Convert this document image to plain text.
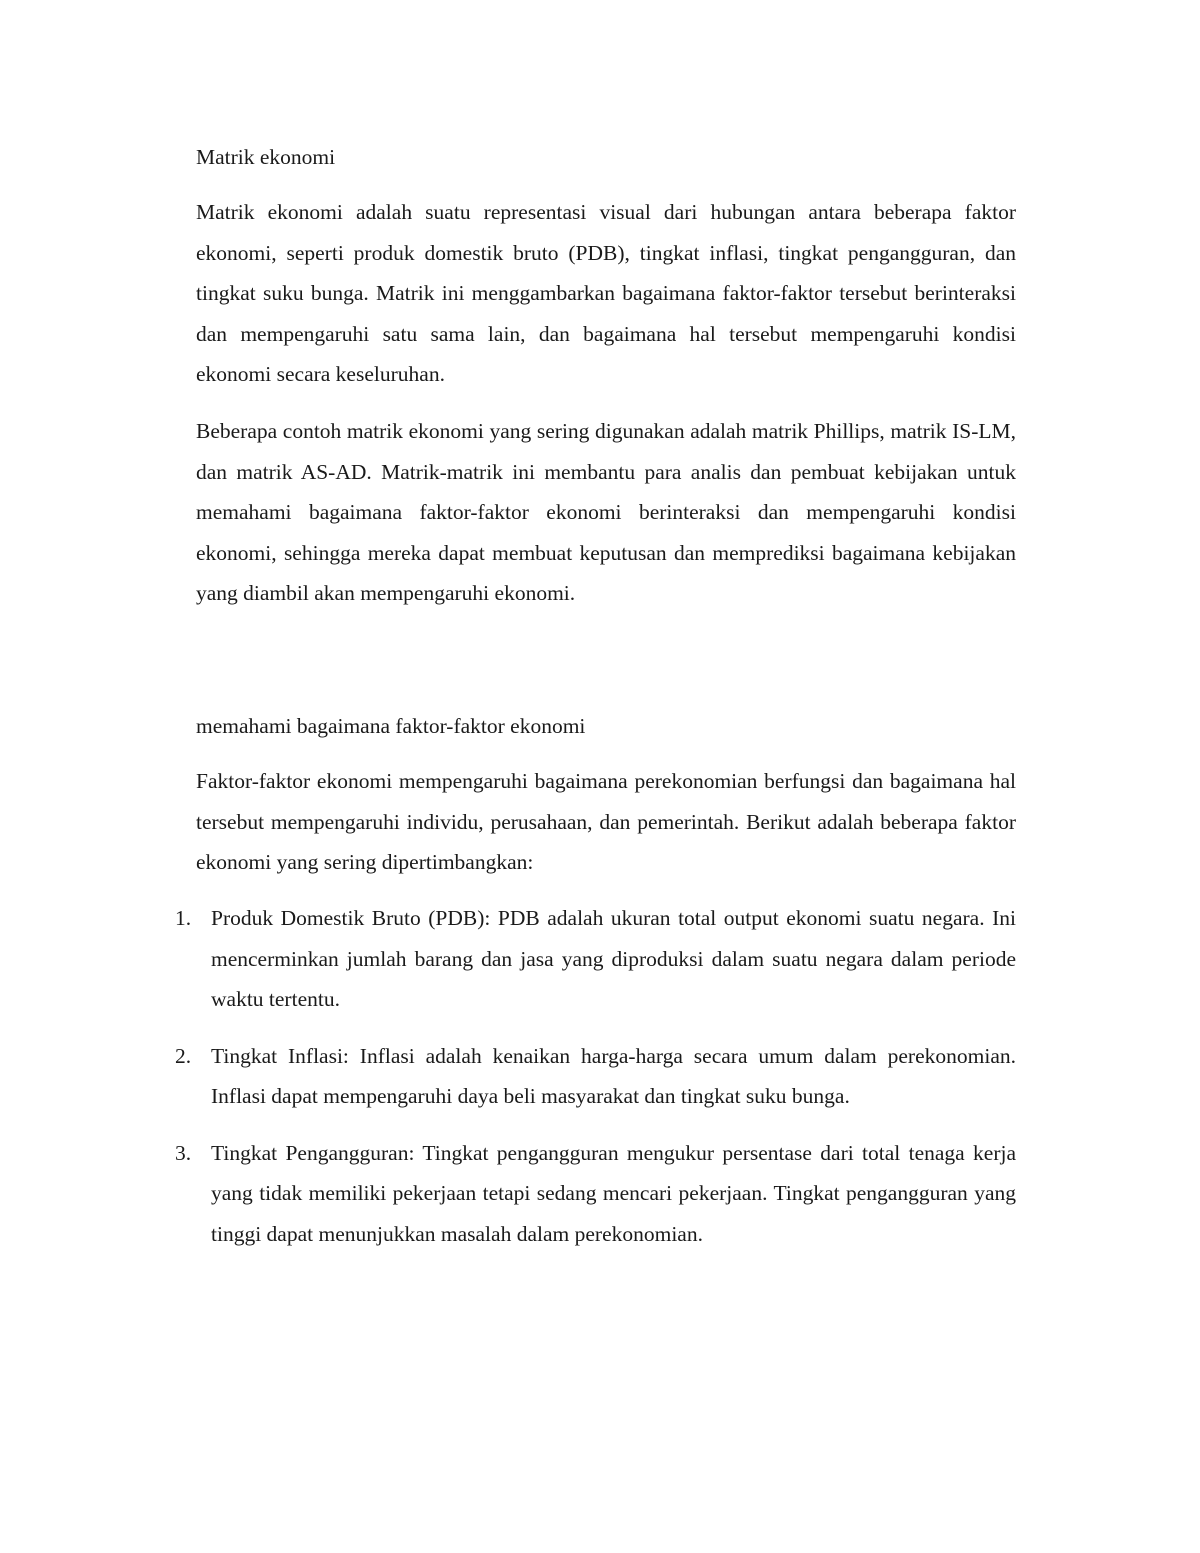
Matrik ekonomi

Matrik ekonomi adalah suatu representasi visual dari hubungan antara beberapa faktor ekonomi, seperti produk domestik bruto (PDB), tingkat inflasi, tingkat pengangguran, dan tingkat suku bunga. Matrik ini menggambarkan bagaimana faktor-faktor tersebut berinteraksi dan mempengaruhi satu sama lain, dan bagaimana hal tersebut mempengaruhi kondisi ekonomi secara keseluruhan.

Beberapa contoh matrik ekonomi yang sering digunakan adalah matrik Phillips, matrik IS-LM, dan matrik AS-AD. Matrik-matrik ini membantu para analis dan pembuat kebijakan untuk memahami bagaimana faktor-faktor ekonomi berinteraksi dan mempengaruhi kondisi ekonomi, sehingga mereka dapat membuat keputusan dan memprediksi bagaimana kebijakan yang diambil akan mempengaruhi ekonomi.

memahami bagaimana faktor-faktor ekonomi

Faktor-faktor ekonomi mempengaruhi bagaimana perekonomian berfungsi dan bagaimana hal tersebut mempengaruhi individu, perusahaan, dan pemerintah. Berikut adalah beberapa faktor ekonomi yang sering dipertimbangkan:

1. Produk Domestik Bruto (PDB): PDB adalah ukuran total output ekonomi suatu negara. Ini mencerminkan jumlah barang dan jasa yang diproduksi dalam suatu negara dalam periode waktu tertentu.
2. Tingkat Inflasi: Inflasi adalah kenaikan harga-harga secara umum dalam perekonomian. Inflasi dapat mempengaruhi daya beli masyarakat dan tingkat suku bunga.
3. Tingkat Pengangguran: Tingkat pengangguran mengukur persentase dari total tenaga kerja yang tidak memiliki pekerjaan tetapi sedang mencari pekerjaan. Tingkat pengangguran yang tinggi dapat menunjukkan masalah dalam perekonomian.
